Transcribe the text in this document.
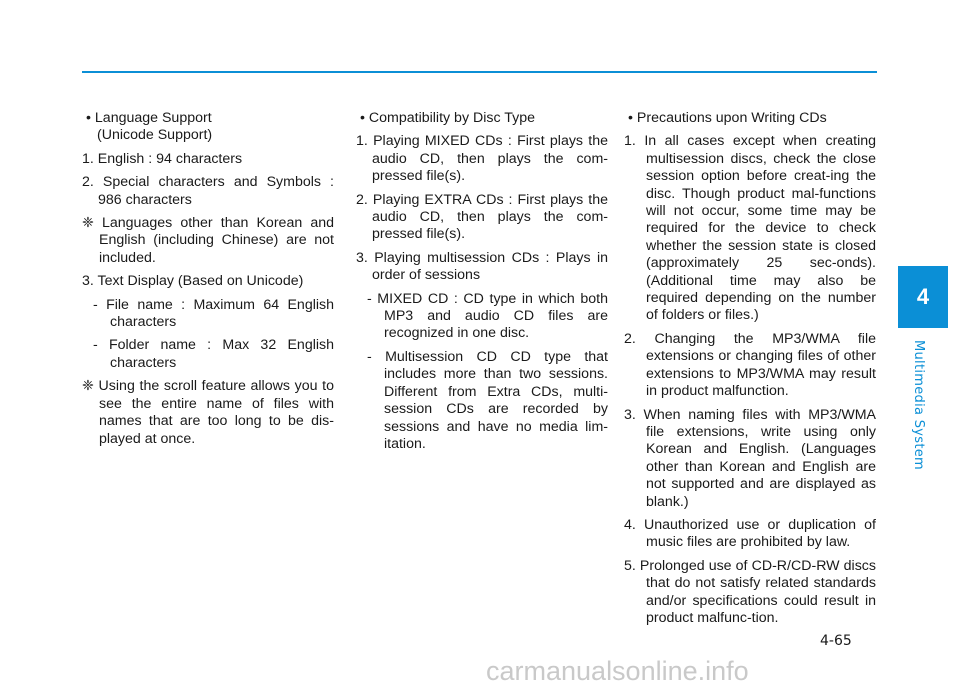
• Language Support
(Unicode Support)
1. English : 94 characters
2. Special characters and Symbols : 986 characters
❈ Languages other than Korean and English (including Chinese) are not included.
3. Text Display (Based on Unicode)
- File name : Maximum 64 English characters
- Folder name : Max 32 English characters
❈ Using the scroll feature allows you to see the entire name of files with names that are too long to be dis-played at once.
• Compatibility by Disc Type
1. Playing MIXED CDs : First plays the audio CD, then plays the com-pressed file(s).
2. Playing EXTRA CDs : First plays the audio CD, then plays the com-pressed file(s).
3. Playing multisession CDs : Plays in order of sessions
- MIXED CD : CD type in which both MP3 and audio CD files are recognized in one disc.
- Multisession CD CD type that includes more than two sessions. Different from Extra CDs, multi-session CDs are recorded by sessions and have no media lim-itation.
• Precautions upon Writing CDs
1. In all cases except when creating multisession discs, check the close session option before creat-ing the disc. Though product mal-functions will not occur, some time may be required for the device to check whether the session state is closed (approximately 25 sec-onds). (Additional time may also be required depending on the number of folders or files.)
2. Changing the MP3/WMA file extensions or changing files of other extensions to MP3/WMA may result in product malfunction.
3. When naming files with MP3/WMA file extensions, write using only Korean and English. (Languages other than Korean and English are not supported and are displayed as blank.)
4. Unauthorized use or duplication of music files are prohibited by law.
5. Prolonged use of CD-R/CD-RW discs that do not satisfy related standards and/or specifications could result in product malfunc-tion.
4
Multimedia System
4-65
carmanualsonline.info
